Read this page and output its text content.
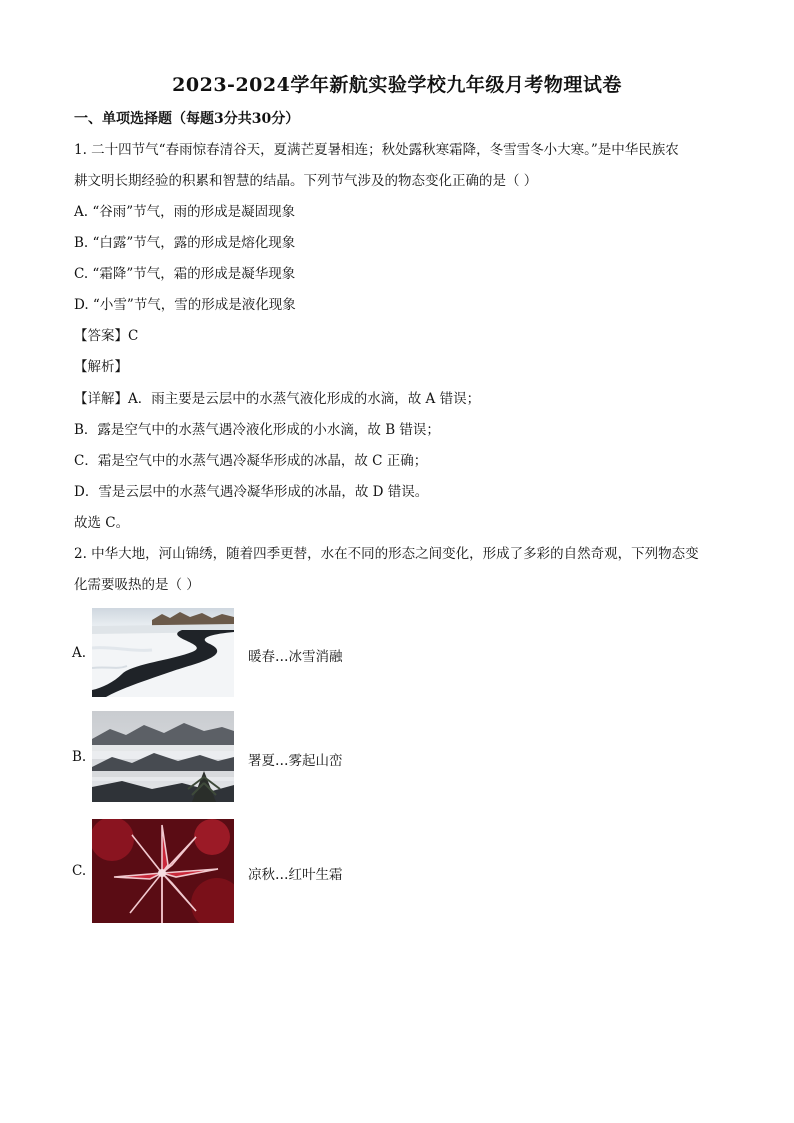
2023-2024学年新航实验学校九年级月考物理试卷
一、单项选择题（每题3分共30分）
1. 二十四节气“春雨惊春清谷天，夏满芒夏暑相连；秋处露秋寒霜降，冬雪雪冬小大寒。”是中华民族农
耕文明长期经验的积累和智慧的结晶。下列节气涉及的物态变化正确的是（ ）
A. “谷雨”节气，雨的形成是凝固现象
B. “白露”节气，露的形成是熔化现象
C. “霜降”节气，霜的形成是凝华现象
D. “小雪”节气，雪的形成是液化现象
【答案】C
【解析】
【详解】A．雨主要是云层中的水蒸气液化形成的水滴，故 A 错误；
B．露是空气中的水蒸气遇冷液化形成的小水滴，故 B 错误；
C．霜是空气中的水蒸气遇冷凝华形成的冰晶，故 C 正确；
D．雪是云层中的水蒸气遇冷凝华形成的冰晶，故 D 错误。
故选 C。
2. 中华大地，河山锦绣，随着四季更替，水在不同的形态之间变化，形成了多彩的自然奇观，下列物态变
化需要吸热的是（ ）
A.	暖春…冰雪消融
B.	署夏…雾起山峦
C.	凉秋…红叶生霜
